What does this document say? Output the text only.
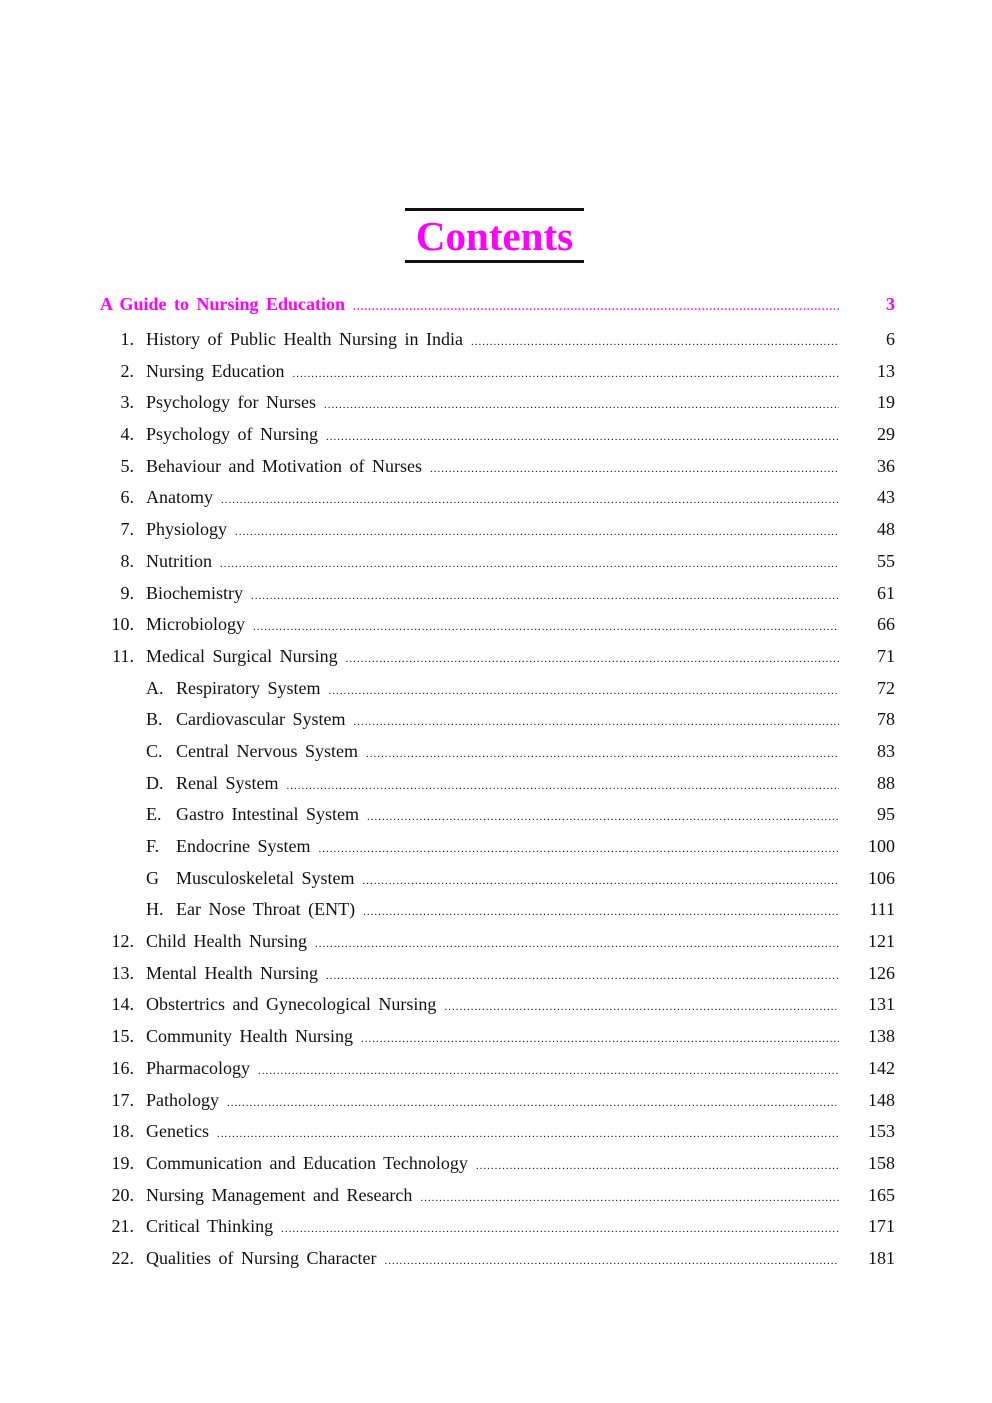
Contents
A Guide to Nursing Education .....	3
1. History of Public Health Nursing in India .....	6
2. Nursing Education .....	13
3. Psychology for Nurses .....	19
4. Psychology of Nursing .....	29
5. Behaviour and Motivation of Nurses .....	36
6. Anatomy .....	43
7. Physiology .....	48
8. Nutrition .....	55
9. Biochemistry .....	61
10. Microbiology .....	66
11. Medical Surgical Nursing .....	71
A. Respiratory System .....	72
B. Cardiovascular System .....	78
C. Central Nervous System .....	83
D. Renal System .....	88
E. Gastro Intestinal System .....	95
F. Endocrine System .....	100
G Musculoskeletal System .....	106
H. Ear Nose Throat (ENT) .....	111
12. Child Health Nursing .....	121
13. Mental Health Nursing .....	126
14. Obstertrics and Gynecological Nursing .....	131
15. Community Health Nursing .....	138
16. Pharmacology .....	142
17. Pathology .....	148
18. Genetics .....	153
19. Communication and Education Technology .....	158
20. Nursing Management and Research .....	165
21. Critical Thinking .....	171
22. Qualities of Nursing Character .....	181
